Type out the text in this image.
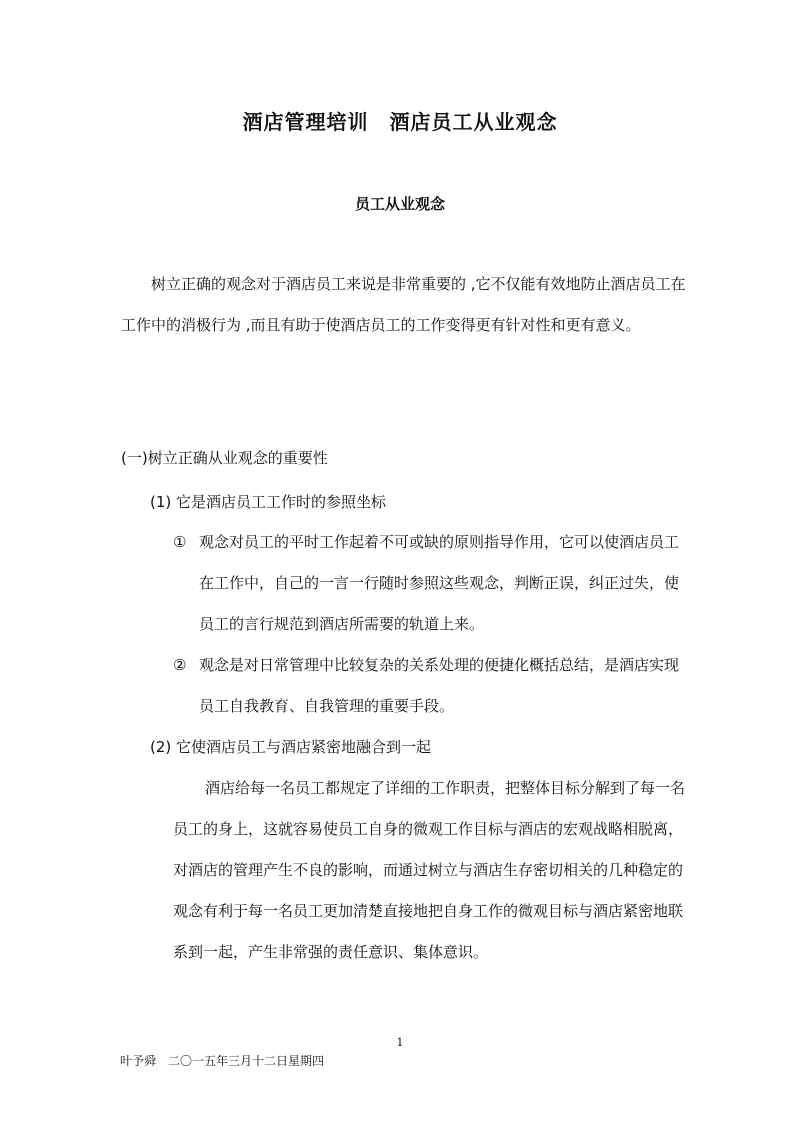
酒店管理培训　酒店员工从业观念
员工从业观念
树立正确的观念对于酒店员工来说是非常重要的 ,它不仅能有效地防止酒店员工在工作中的消极行为 ,而且有助于使酒店员工的工作变得更有针对性和更有意义。
(一)树立正确从业观念的重要性
(1) 它是酒店员工工作时的参照坐标
① 观念对员工的平时工作起着不可或缺的原则指导作用，它可以使酒店员工在工作中，自己的一言一行随时参照这些观念，判断正误，纠正过失，使员工的言行规范到酒店所需要的轨道上来。
② 观念是对日常管理中比较复杂的关系处理的便捷化概括总结，是酒店实现员工自我教育、自我管理的重要手段。
(2) 它使酒店员工与酒店紧密地融合到一起
酒店给每一名员工都规定了详细的工作职责，把整体目标分解到了每一名员工的身上，这就容易使员工自身的微观工作目标与酒店的宏观战略相脱离，对酒店的管理产生不良的影响，而通过树立与酒店生存密切相关的几种稳定的观念有利于每一名员工更加清楚直接地把自身工作的微观目标与酒店紧密地联系到一起，产生非常强的责任意识、集体意识。
1
叶予舜　二〇一五年三月十二日星期四
